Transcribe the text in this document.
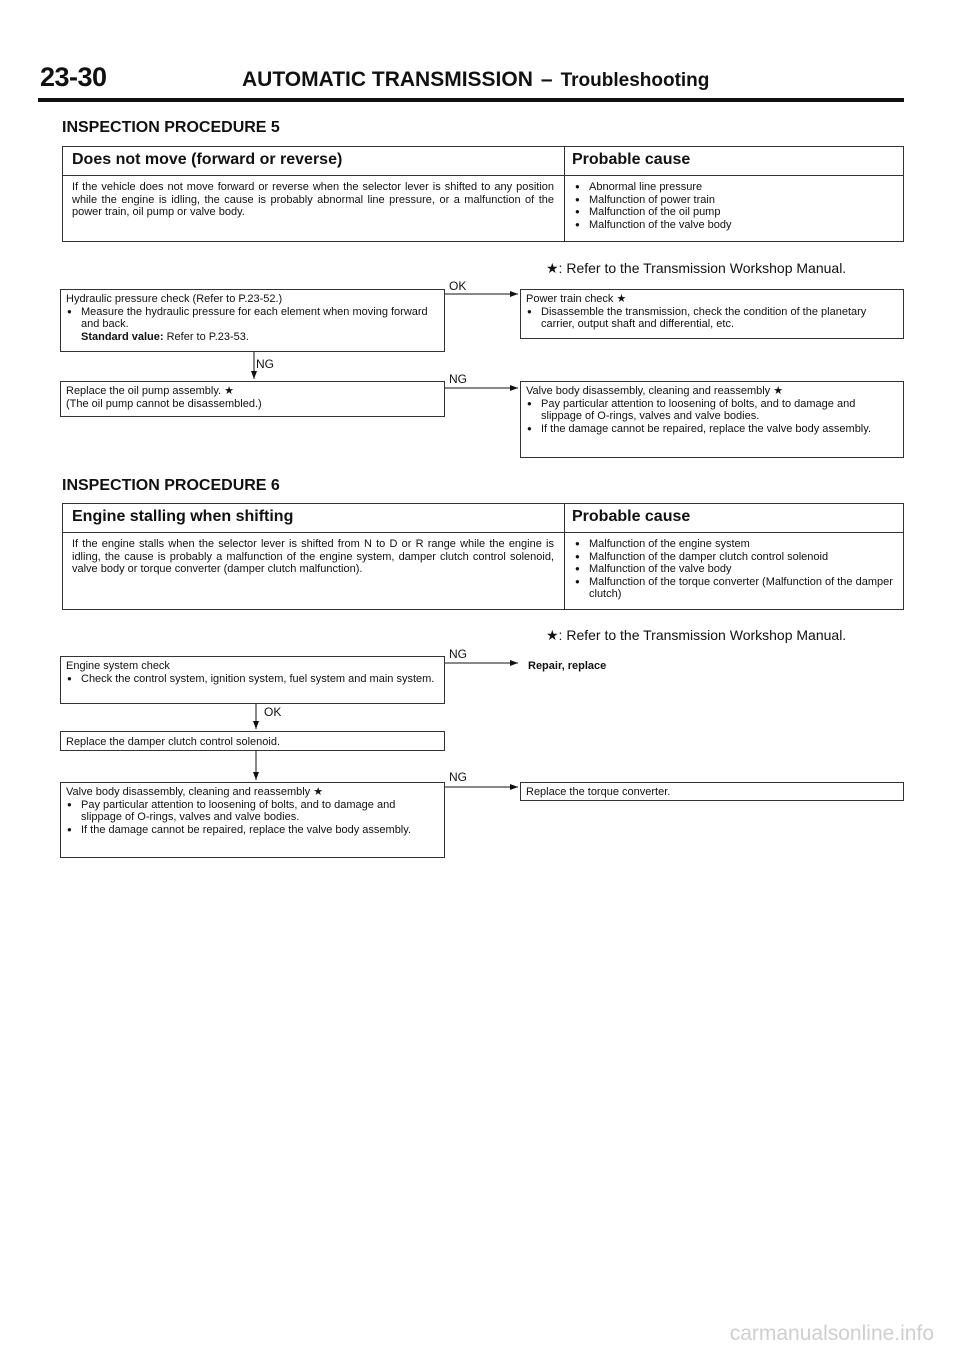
23-30	AUTOMATIC TRANSMISSION – Troubleshooting
INSPECTION PROCEDURE 5
Does not move (forward or reverse)	Probable cause
If the vehicle does not move forward or reverse when the selector lever is shifted to any position while the engine is idling, the cause is probably abnormal line pressure, or a malfunction of the power train, oil pump or valve body.
● Abnormal line pressure
● Malfunction of power train
● Malfunction of the oil pump
● Malfunction of the valve body
★: Refer to the Transmission Workshop Manual.
Hydraulic pressure check (Refer to P.23-52.)
● Measure the hydraulic pressure for each element when moving forward and back.
Standard value: Refer to P.23-53.
OK
Power train check ★
● Disassemble the transmission, check the condition of the planetary carrier, output shaft and differential, etc.
NG
Replace the oil pump assembly. ★
(The oil pump cannot be disassembled.)
NG
Valve body disassembly, cleaning and reassembly ★
● Pay particular attention to loosening of bolts, and to damage and slippage of O-rings, valves and valve bodies.
● If the damage cannot be repaired, replace the valve body assembly.
INSPECTION PROCEDURE 6
Engine stalling when shifting	Probable cause
If the engine stalls when the selector lever is shifted from N to D or R range while the engine is idling, the cause is probably a malfunction of the engine system, damper clutch control solenoid, valve body or torque converter (damper clutch malfunction).
● Malfunction of the engine system
● Malfunction of the damper clutch control solenoid
● Malfunction of the valve body
● Malfunction of the torque converter (Malfunction of the damper clutch)
★: Refer to the Transmission Workshop Manual.
Engine system check
● Check the control system, ignition system, fuel system and main system.
NG
Repair, replace
OK
Replace the damper clutch control solenoid.
Valve body disassembly, cleaning and reassembly ★
● Pay particular attention to loosening of bolts, and to damage and slippage of O-rings, valves and valve bodies.
● If the damage cannot be repaired, replace the valve body assembly.
NG
Replace the torque converter.
carmanualsonline.info
